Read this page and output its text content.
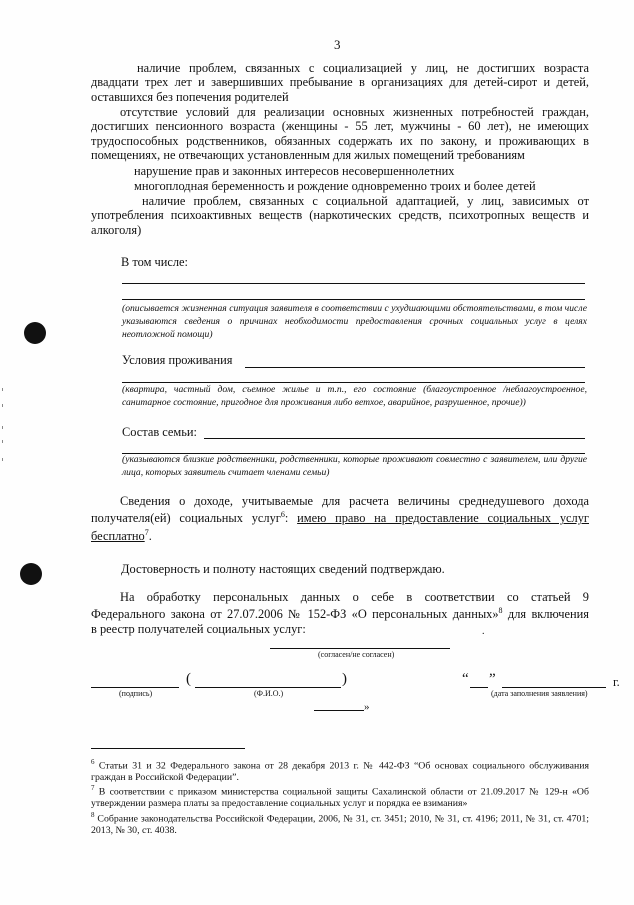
3
наличие проблем, связанных с социализацией у лиц, не достигших возраста двадцати трех лет и завершивших пребывание в организациях для детей-сирот и детей, оставшихся без попечения родителей
отсутствие условий для реализации основных жизненных потребностей граждан, достигших пенсионного возраста (женщины - 55 лет, мужчины - 60 лет), не имеющих трудоспособных родственников, обязанных содержать их по закону, и проживающих в помещениях, не отвечающих установленным для жилых помещений требованиям
нарушение прав и законных интересов несовершеннолетних
многоплодная беременность и рождение одновременно троих и более детей
наличие проблем, связанных с социальной адаптацией, у лиц, зависимых от употребления психоактивных веществ (наркотических средств, психотропных веществ и алкоголя)
В том числе:
(описывается жизненная ситуация заявителя в соответствии с ухудшающими обстоятельствами, в том числе указываются сведения о причинах необходимости предоставления срочных социальных услуг в целях неотложной помощи)
Условия проживания
(квартира, частный дом, съемное жилье и т.п., его состояние (благоустроенное /неблагоустроенное, санитарное состояние, пригодное для проживания либо ветхое, аварийное, разрушенное, прочие))
Состав семьи:
(указываются близкие родственники, родственники, которые проживают совместно с заявителем, или другие лица, которых заявитель считает членами семьи)
Сведения о доходе, учитываемые для расчета величины среднедушевого дохода
получателя(ей) социальных услуг$^6$: имею право на предоставление социальных услуг
бесплатно$^7$.
Достоверность и полноту настоящих сведений подтверждаю.
На обработку персональных данных о себе в соответствии со статьей 9
Федерального закона от 27.07.2006 № 152-ФЗ «О персональных данных»$^8$ для включения
в реестр получателей социальных услуг:	.
(согласен/не согласен)
(	)
(подпись)	(Ф.И.О.)
“ ”	г.
(дата заполнения заявления)
»
$^6$ Статьи 31 и 32 Федерального закона от 28 декабря 2013 г. № 442-ФЗ “Об основах социального обслуживания граждан в Российской Федерации”.
$^7$ В соответствии с приказом министерства социальной защиты Сахалинской области от 21.09.2017 № 129-н «Об утверждении размера платы за предоставление социальных услуг и порядка ее взимания»
$^8$ Собрание законодательства Российской Федерации, 2006, № 31, ст. 3451; 2010, № 31, ст. 4196; 2011, № 31, ст. 4701; 2013, № 30, ст. 4038.
